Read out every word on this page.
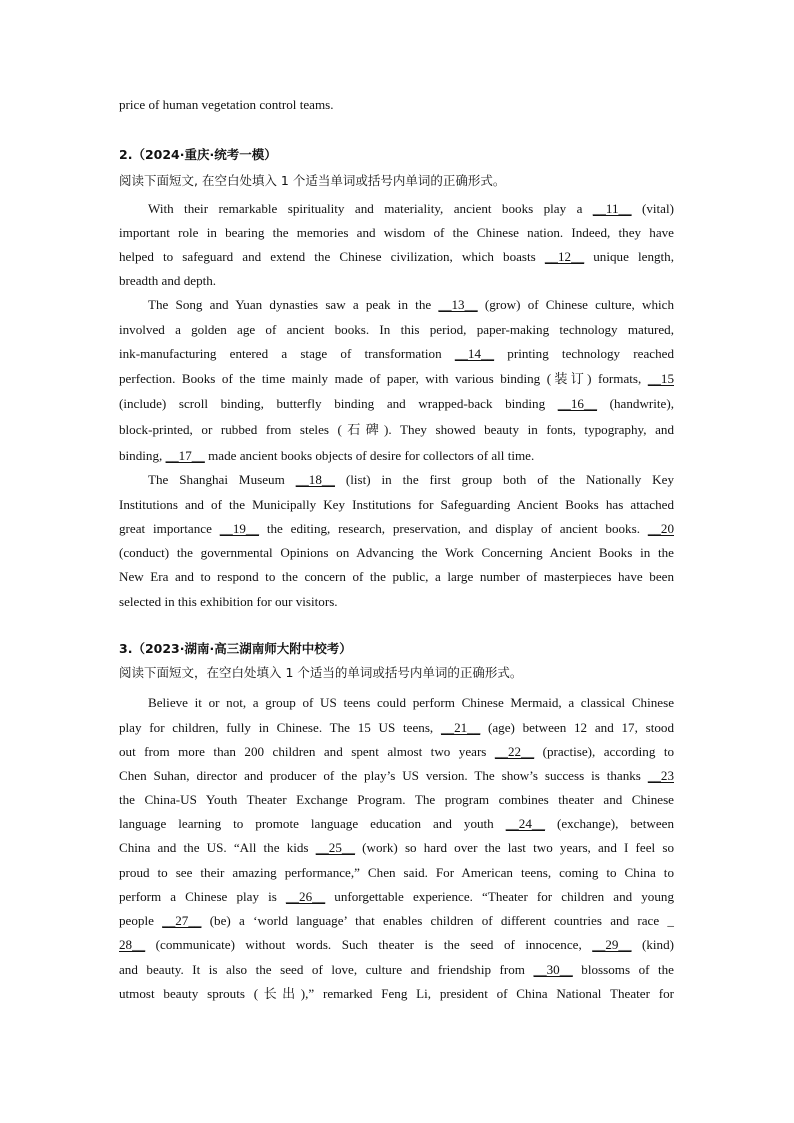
price of human vegetation control teams.
2.（2024·重庆·统考一模）
阅读下面短文, 在空白处填入 1 个适当单词或括号内单词的正确形式。
With their remarkable spirituality and materiality, ancient books play a __11__ (vital)
important role in bearing the memories and wisdom of the Chinese nation. Indeed, they have
helped to safeguard and extend the Chinese civilization, which boasts __12__ unique length,
breadth and depth.
The Song and Yuan dynasties saw a peak in the __13__ (grow) of Chinese culture, which
involved a golden age of ancient books. In this period, paper-making technology matured,
ink-manufacturing entered a stage of transformation __14__ printing technology reached
perfection. Books of the time mainly made of paper, with various binding (装订) formats, __15
(include) scroll binding, butterfly binding and wrapped-back binding __16__ (handwrite),
block-printed, or rubbed from steles (石碑). They showed beauty in fonts, typography, and
binding, __17__ made ancient books objects of desire for collectors of all time.
The Shanghai Museum __18__ (list) in the first group both of the Nationally Key
Institutions and of the Municipally Key Institutions for Safeguarding Ancient Books has attached
great importance __19__ the editing, research, preservation, and display of ancient books. __20
(conduct) the governmental Opinions on Advancing the Work Concerning Ancient Books in the
New Era and to respond to the concern of the public, a large number of masterpieces have been
selected in this exhibition for our visitors.
3.（2023·湖南·高三湖南师大附中校考）
阅读下面短文，在空白处填入 1 个适当的单词或括号内单词的正确形式。
Believe it or not, a group of US teens could perform Chinese Mermaid, a classical Chinese
play for children, fully in Chinese. The 15 US teens, __21__ (age) between 12 and 17, stood
out from more than 200 children and spent almost two years __22__ (practise), according to
Chen Suhan, director and producer of the play’s US version. The show’s success is thanks __23
the China-US Youth Theater Exchange Program. The program combines theater and Chinese
language learning to promote language education and youth __24__ (exchange), between
China and the US. “All the kids __25__ (work) so hard over the last two years, and I feel so
proud to see their amazing performance,” Chen said. For American teens, coming to China to
perform a Chinese play is __26__ unforgettable experience. “Theater for children and young
people __27__ (be) a ‘world language’ that enables children of different countries and race _
28__ (communicate) without words. Such theater is the seed of innocence, __29__ (kind)
and beauty. It is also the seed of love, culture and friendship from __30__ blossoms of the
utmost beauty sprouts (长出),” remarked Feng Li, president of China National Theater for
